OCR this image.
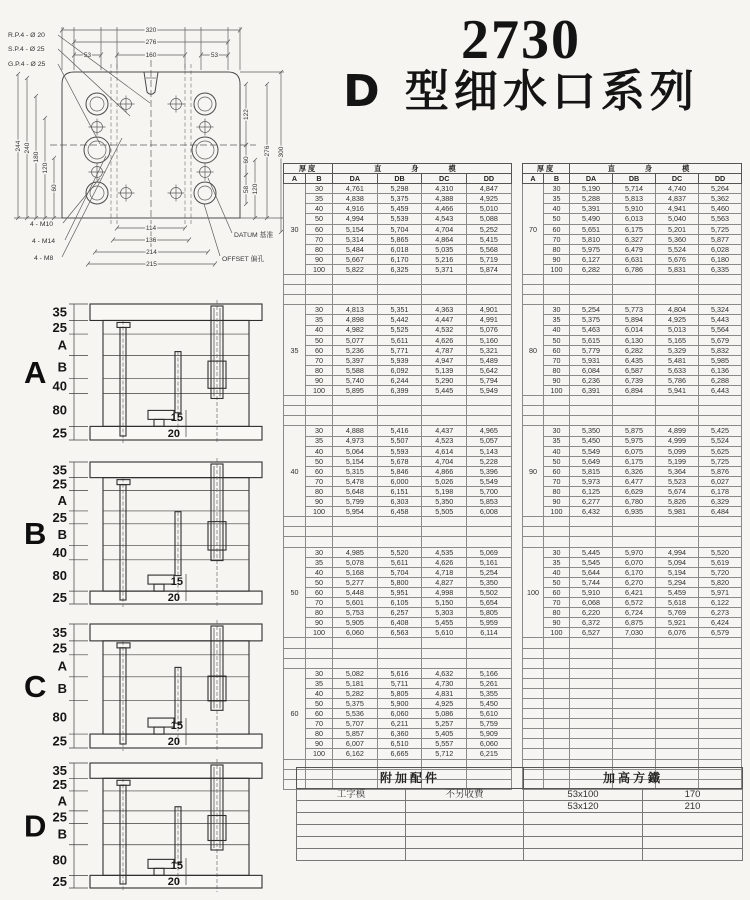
320
276
53	160	53
244 240
180
120
60
122
60
58 120
276 300
114
136
214
215
R.P.4 - Ø 20
S.P.4 - Ø 25
G.P.4 - Ø 25
4 - M10
4 - M14
4 - M8
DATUM 基准
OFFSET 偏孔
2730
D 型细水口系列
A
35
25
A
B
40
80
25
15
20
B
35
25
A
25
B
40
80
25
15
20
C
35
25
A
B
80
25
15
20
D
35
25
A
25
B
80
25
15
20
厚度		直 身 模			
A	B	DA	DB	DC	DD
30	30	4,761	5,298	4,310	4,847
	35	4,838	5,375	4,388	4,925
	40	4,916	5,459	4,466	5,010
	50	4,994	5,539	4,543	5,088
	60	5,154	5,704	4,704	5,252
	70	5,314	5,865	4,864	5,415
	80	5,484	6,018	5,035	5,568
	90	5,667	6,170	5,216	5,719
	100	5,822	6,325	5,371	5,874

35	30	4,813	5,351	4,363	4,901
	35	4,898	5,442	4,447	4,991
	40	4,982	5,525	4,532	5,076
	50	5,077	5,611	4,626	5,160
	60	5,236	5,771	4,787	5,321
	70	5,397	5,939	4,947	5,489
	80	5,588	6,092	5,139	5,642
	90	5,740	6,244	5,290	5,794
	100	5,895	6,399	5,445	5,949

40	30	4,888	5,416	4,437	4,965
	35	4,973	5,507	4,523	5,057
	40	5,064	5,593	4,614	5,143
	50	5,154	5,678	4,704	5,228
	60	5,315	5,846	4,866	5,396
	70	5,478	6,000	5,026	5,549
	80	5,648	6,151	5,198	5,700
	90	5,799	6,303	5,350	5,853
	100	5,954	6,458	5,505	6,008

50	30	4,985	5,520	4,535	5,069
	35	5,078	5,611	4,626	5,161
	40	5,168	5,704	4,718	5,254
	50	5,277	5,800	4,827	5,350
	60	5,448	5,951	4,998	5,502
	70	5,601	6,105	5,150	5,654
	80	5,753	6,257	5,303	5,805
	90	5,905	6,408	5,455	5,959
	100	6,060	6,563	5,610	6,114

60	30	5,082	5,616	4,632	5,166
	35	5,181	5,711	4,730	5,261
	40	5,282	5,805	4,831	5,355
	50	5,375	5,900	4,925	5,450
	60	5,536	6,060	5,086	5,610
	70	5,707	6,211	5,257	5,759
	80	5,857	6,360	5,405	5,909
	90	6,007	6,510	5,557	6,060
	100	6,162	6,665	5,712	6,215

厚度		直 身 模			
A	B	DA	DB	DC	DD
70	30	5,190	5,714	4,740	5,264
	35	5,288	5,813	4,837	5,362
	40	5,391	5,910	4,941	5,460
	50	5,490	6,013	5,040	5,563
	60	5,651	6,175	5,201	5,725
	70	5,810	6,327	5,360	5,877
	80	5,975	6,479	5,524	6,028
	90	6,127	6,631	5,676	6,180
	100	6,282	6,786	5,831	6,335

80	30	5,254	5,773	4,804	5,324
	35	5,375	5,894	4,925	5,443
	40	5,463	6,014	5,013	5,564
	50	5,615	6,130	5,165	5,679
	60	5,779	6,282	5,329	5,832
	70	5,931	6,435	5,481	5,985
	80	6,084	6,587	5,633	6,136
	90	6,236	6,739	5,786	6,288
	100	6,391	6,894	5,941	6,443

90	30	5,350	5,875	4,899	5,425
	35	5,450	5,975	4,999	5,524
	40	5,549	6,075	5,099	5,625
	50	5,649	6,175	5,199	5,725
	60	5,815	6,326	5,364	5,876
	70	5,973	6,477	5,523	6,027
	80	6,125	6,629	5,674	6,178
	90	6,277	6,780	5,826	6,329
	100	6,432	6,935	5,981	6,484

100	30	5,445	5,970	4,994	5,520
	35	5,545	6,070	5,094	5,619
	40	5,644	6,170	5,194	5,720
	50	5,744	6,270	5,294	5,820
	60	5,910	6,421	5,459	5,971
	70	6,068	6,572	5,618	6,122
	80	6,220	6,724	5,769	6,273
	90	6,372	6,875	5,921	6,424
	100	6,527	7,030	6,076	6,579

附加配件		加高方鐵	
工字模	不另收費	53x100	170
		53x120	210
